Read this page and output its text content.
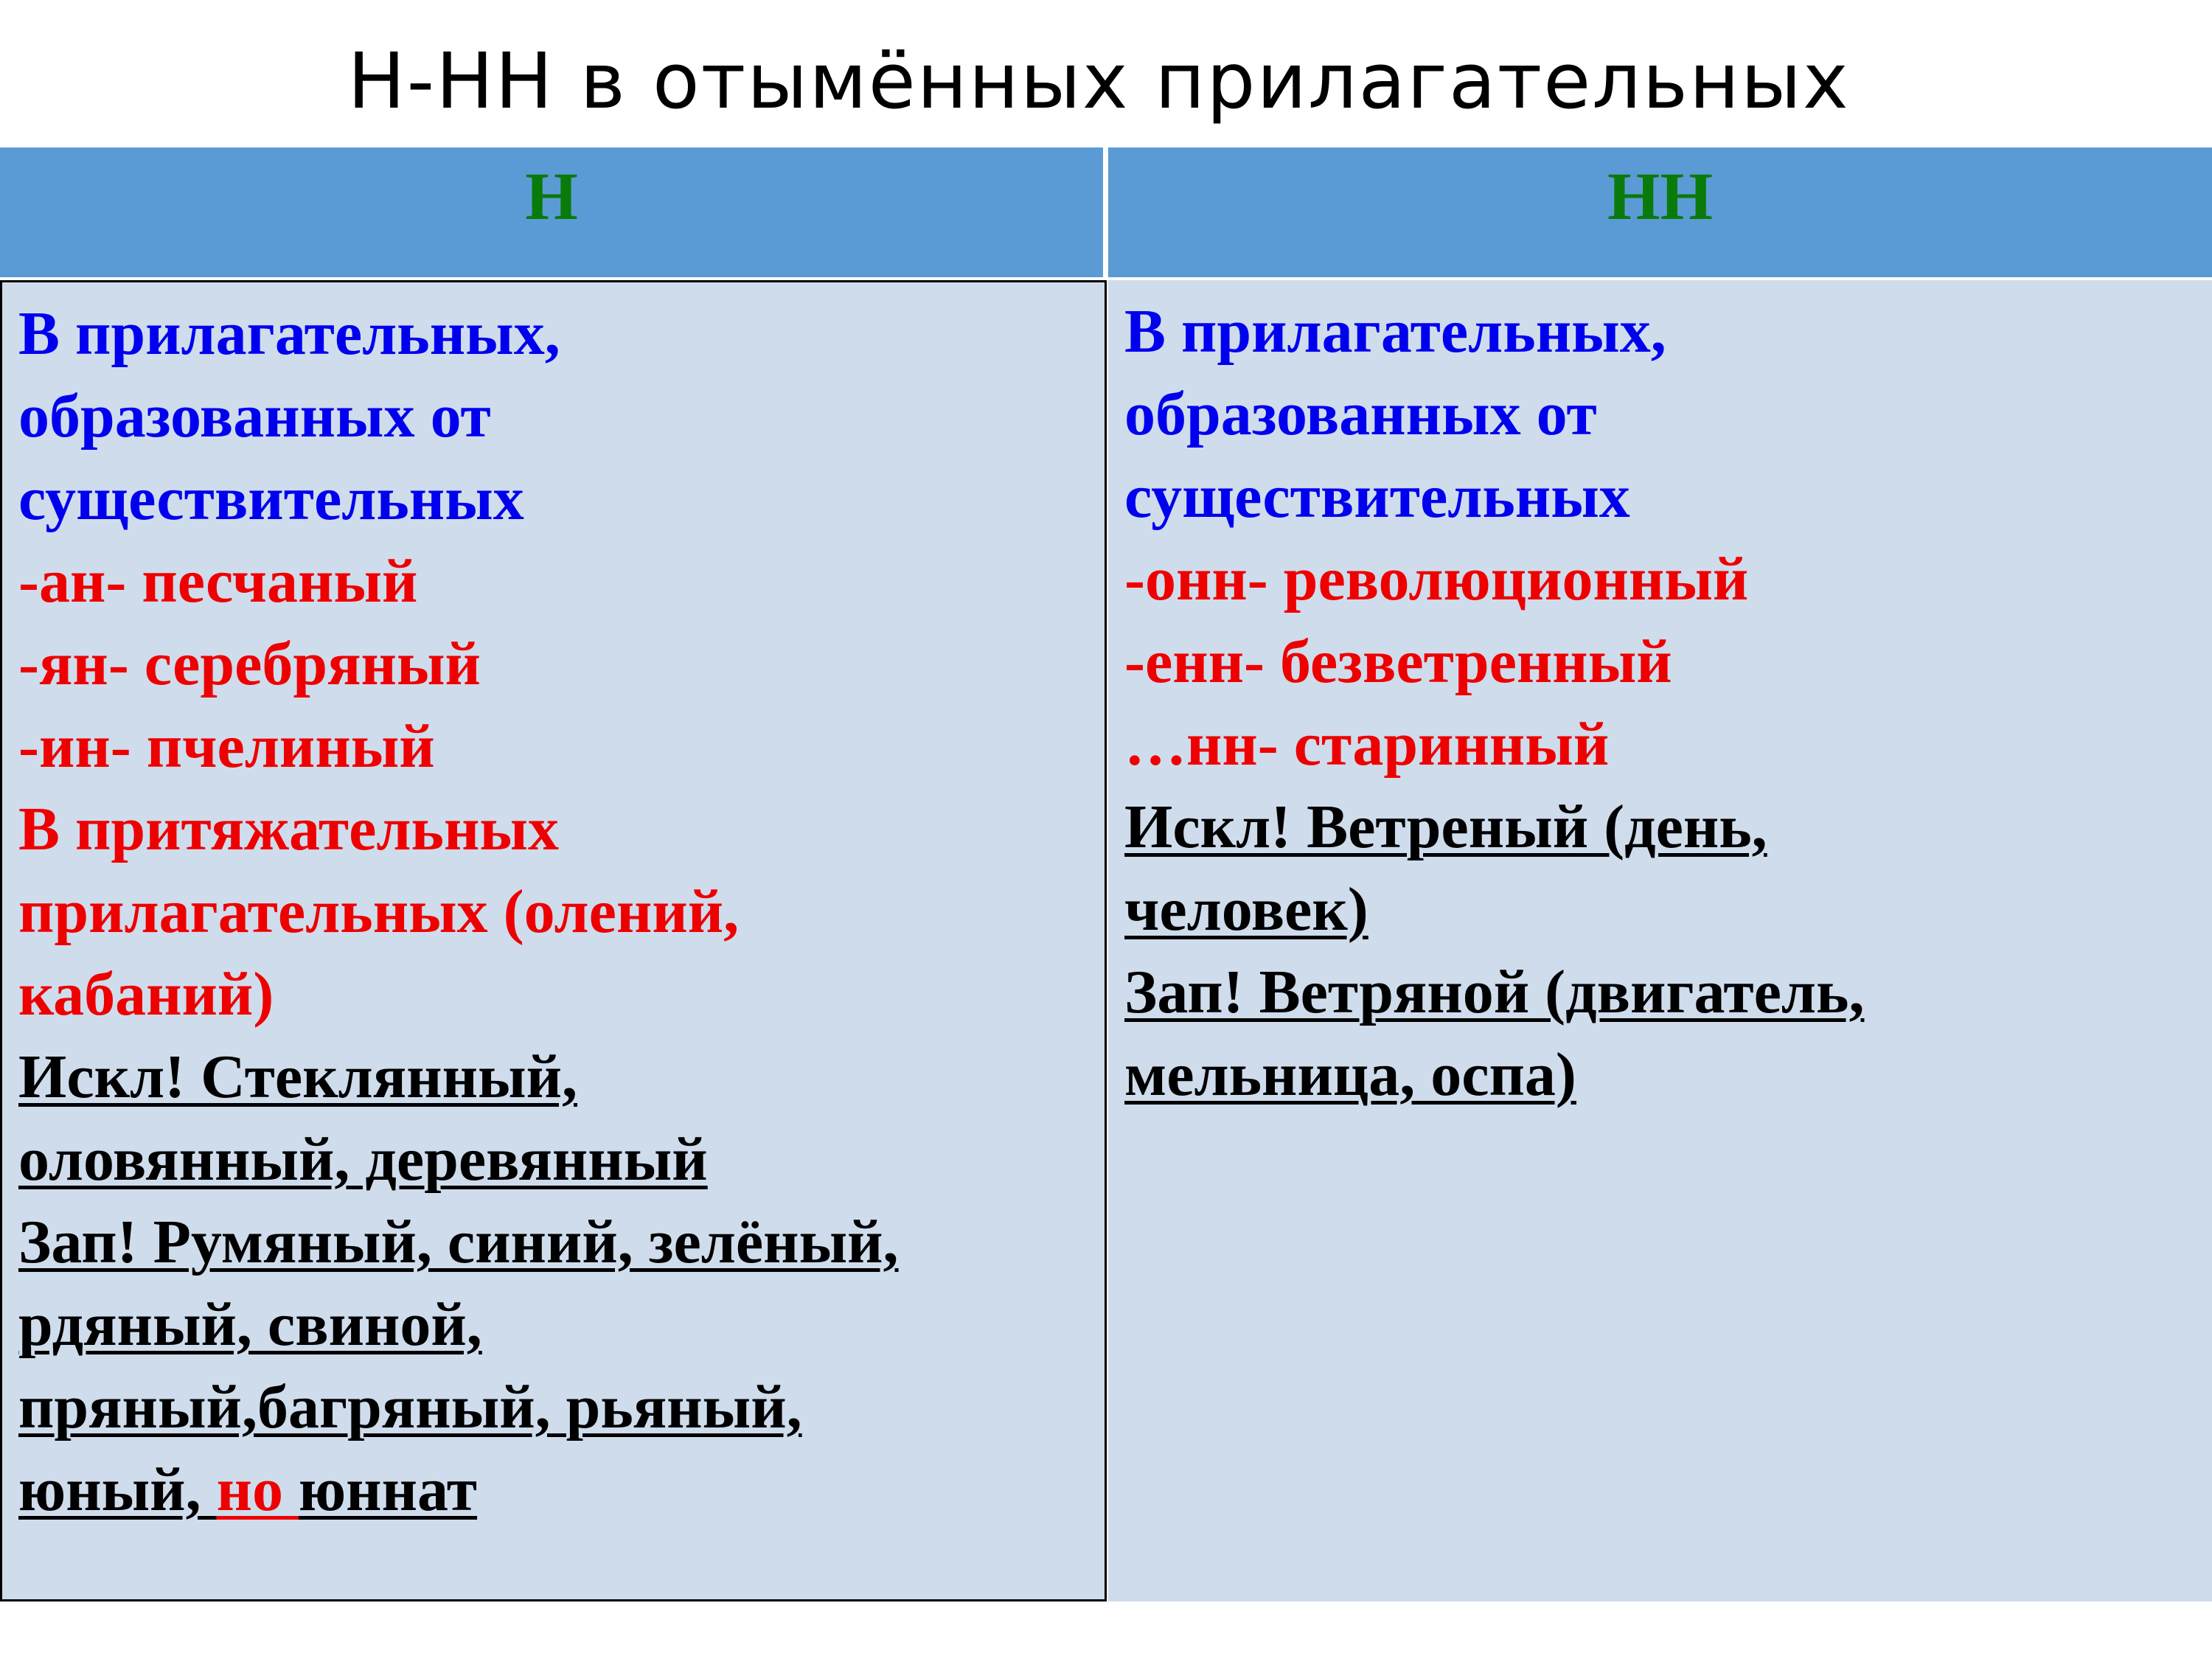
Н-НН в отымённых прилагательных
Н	НН
В прилагательных,
образованных от
существительных
-ан- песчаный
-ян- серебряный
-ин- пчелиный
В притяжательных
прилагательных (олений,
кабаний)
Искл! Стеклянный,
оловянный, деревянный
Зап! Румяный, синий, зелёный,
рдяный, свиной,
пряный,багряный, рьяный,
юный, но юннат
В прилагательных,
образованных от
существительных
-онн- революционный
-енн- безветренный
…нн- старинный
Искл! Ветреный (день,
человек)
Зап! Ветряной (двигатель,
мельница, оспа)
